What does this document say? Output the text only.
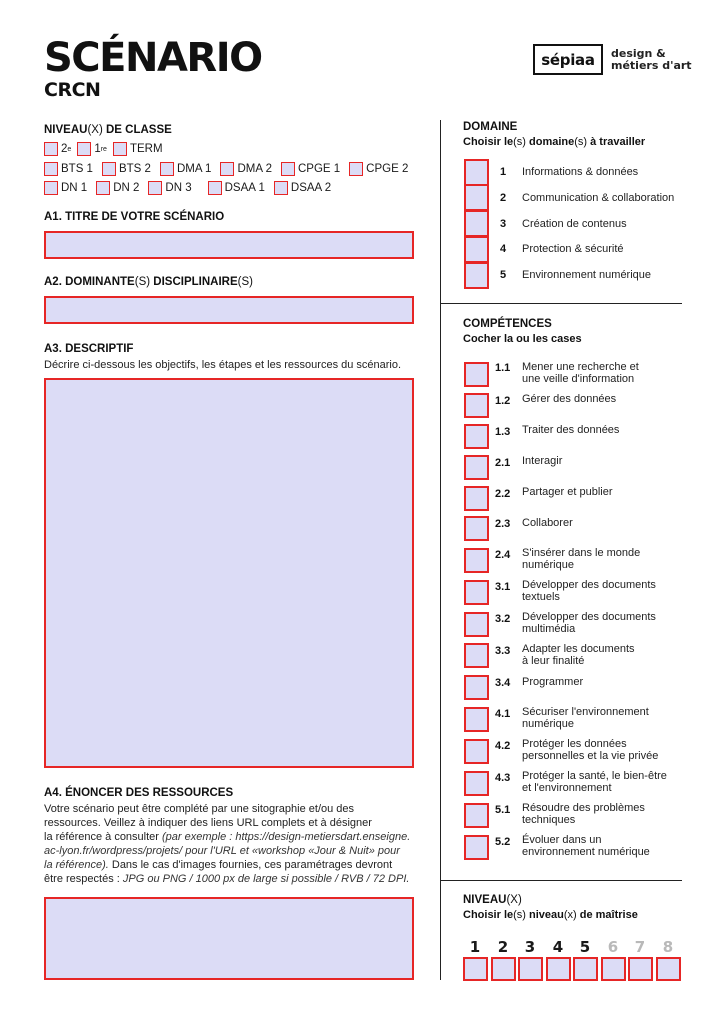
SCÉNARIO
CRCN
sépiaa	design &
métiers d'art
NIVEAU(X) DE CLASSE
2 e 1 re TERM
BTS 1 BTS 2 DMA 1 DMA 2 CPGE 1 CPGE 2
DN 1 DN 2 DN 3	DSAA 1 DSAA 2
A1. TITRE DE VOTRE SCÉNARIO
A2. DOMINANTE(S) DISCIPLINAIRE(S)
A3. DESCRIPTIF
Décrire ci-dessous les objectifs, les étapes et les ressources du scénario.
A4. ÉNONCER DES RESSOURCES
Votre scénario peut être complété par une sitographie et/ou des
ressources. Veillez à indiquer des liens URL complets et à désigner
la référence à consulter (par exemple : https://design-metiersdart.enseigne.
ac-lyon.fr/wordpress/projets/ pour l'URL et «workshop «Jour & Nuit» pour
la référence). Dans le cas d'images fournies, ces paramétrages devront
être respectés : JPG ou PNG / 1000 px de large si possible / RVB / 72 DPI.
DOMAINE
Choisir le(s) domaine(s) à travailler
1 Informations & données
2 Communication & collaboration
3 Création de contenus
4 Protection & sécurité
5 Environnement numérique
COMPÉTENCES
Cocher la ou les cases
1.1 Mener une recherche et
une veille d'information
1.2 Gérer des données
1.3 Traiter des données
2.1 Interagir
2.2 Partager et publier
2.3 Collaborer
2.4 S'insérer dans le monde
numérique
3.1 Développer des documents
textuels
3.2 Développer des documents
multimédia
3.3 Adapter les documents
à leur finalité
3.4 Programmer
4.1 Sécuriser l'environnement
numérique
4.2 Protéger les données
personnelles et la vie privée
4.3 Protéger la santé, le bien-être
et l'environnement
5.1 Résoudre des problèmes
techniques
5.2 Évoluer dans un
environnement numérique
NIVEAU(X)
Choisir le(s) niveau(x) de maîtrise
1	2	3	4	5	6	7	8
